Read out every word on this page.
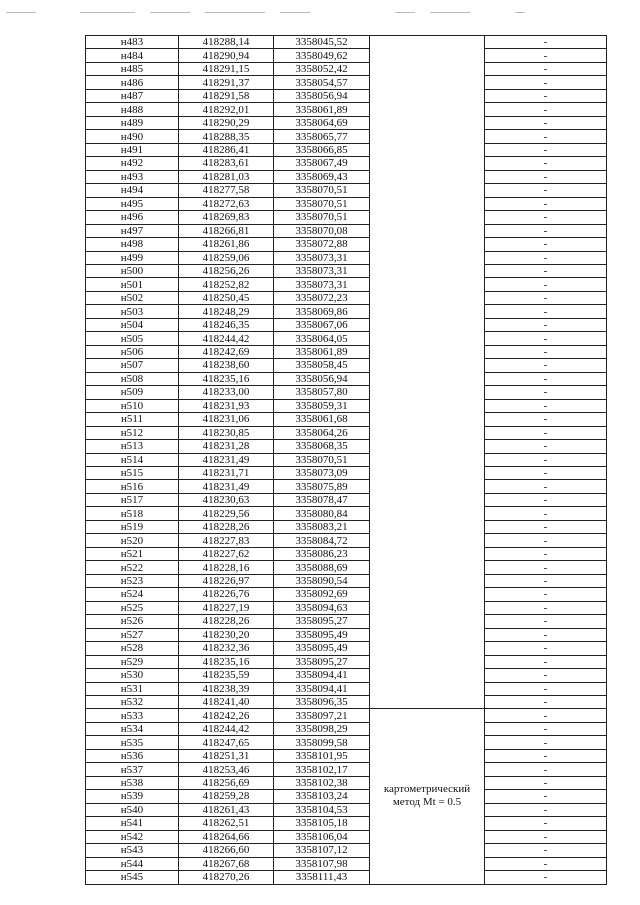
н483	418288,14	3358045,52		-
н484	418290,94	3358049,62		-
н485	418291,15	3358052,42		-
н486	418291,37	3358054,57		-
н487	418291,58	3358056,94		-
н488	418292,01	3358061,89		-
н489	418290,29	3358064,69		-
н490	418288,35	3358065,77		-
н491	418286,41	3358066,85		-
н492	418283,61	3358067,49		-
н493	418281,03	3358069,43		-
н494	418277,58	3358070,51		-
н495	418272,63	3358070,51		-
н496	418269,83	3358070,51		-
н497	418266,81	3358070,08		-
н498	418261,86	3358072,88		-
н499	418259,06	3358073,31		-
н500	418256,26	3358073,31		-
н501	418252,82	3358073,31		-
н502	418250,45	3358072,23		-
н503	418248,29	3358069,86		-
н504	418246,35	3358067,06		-
н505	418244,42	3358064,05		-
н506	418242,69	3358061,89		-
н507	418238,60	3358058,45		-
н508	418235,16	3358056,94		-
н509	418233,00	3358057,80		-
н510	418231,93	3358059,31		-
н511	418231,06	3358061,68		-
н512	418230,85	3358064,26		-
н513	418231,28	3358068,35		-
н514	418231,49	3358070,51		-
н515	418231,71	3358073,09		-
н516	418231,49	3358075,89		-
н517	418230,63	3358078,47		-
н518	418229,56	3358080,84		-
н519	418228,26	3358083,21		-
н520	418227,83	3358084,72		-
н521	418227,62	3358086,23		-
н522	418228,16	3358088,69		-
н523	418226,97	3358090,54		-
н524	418226,76	3358092,69		-
н525	418227,19	3358094,63		-
н526	418228,26	3358095,27		-
н527	418230,20	3358095,49		-
н528	418232,36	3358095,49		-
н529	418235,16	3358095,27		-
н530	418235,59	3358094,41		-
н531	418238,39	3358094,41		-
н532	418241,40	3358096,35		-
н533	418242,26	3358097,21	картометрический метод Mt = 0.5	-
н534	418244,42	3358098,29		-
н535	418247,65	3358099,58		-
н536	418251,31	3358101,95		-
н537	418253,46	3358102,17		-
н538	418256,69	3358102,38		-
н539	418259,28	3358103,24		-
н540	418261,43	3358104,53		-
н541	418262,51	3358105,18		-
н542	418264,66	3358106,04		-
н543	418266,60	3358107,12		-
н544	418267,68	3358107,98		-
н545	418270,26	3358111,43		-
